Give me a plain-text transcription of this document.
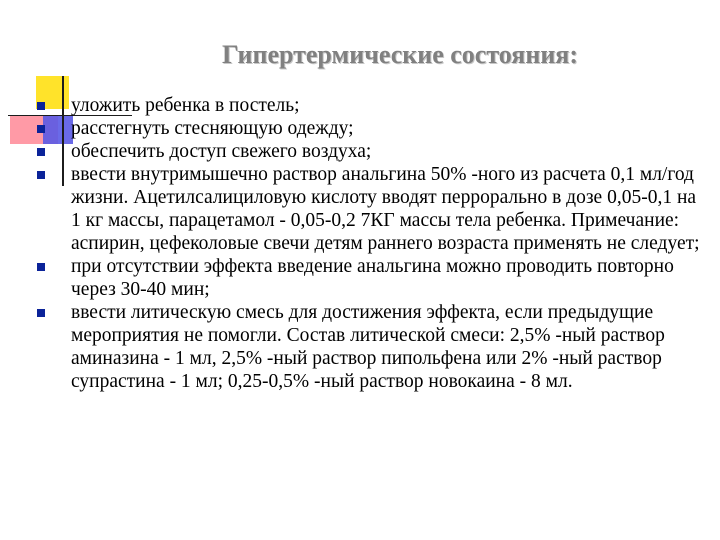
Гипертермические состояния:
уложить ребенка в постель;
расстегнуть стесняющую одежду;
обеспечить доступ свежего воздуха;
ввести внутримышечно раствор анальгина 50% -ного из расчета 0,1 мл/год жизни. Ацетилсалициловую кислоту вводят перрорально в дозе 0,05-0,1 на 1 кг массы, парацетамол - 0,05-0,2 7КГ массы тела ребенка. Примечание: аспирин, цефеколовые свечи детям раннего возраста применять не следует;
при отсутствии эффекта введение анальгина можно проводить повторно через 30-40 мин;
ввести литическую смесь для достижения эффекта, если предыдущие мероприятия не помогли. Состав литической смеси: 2,5% -ный раствор аминазина - 1 мл, 2,5% -ный раствор пипольфена или 2% -ный раствор супрастина - 1 мл; 0,25-0,5% -ный раствор новокаина - 8 мл.
